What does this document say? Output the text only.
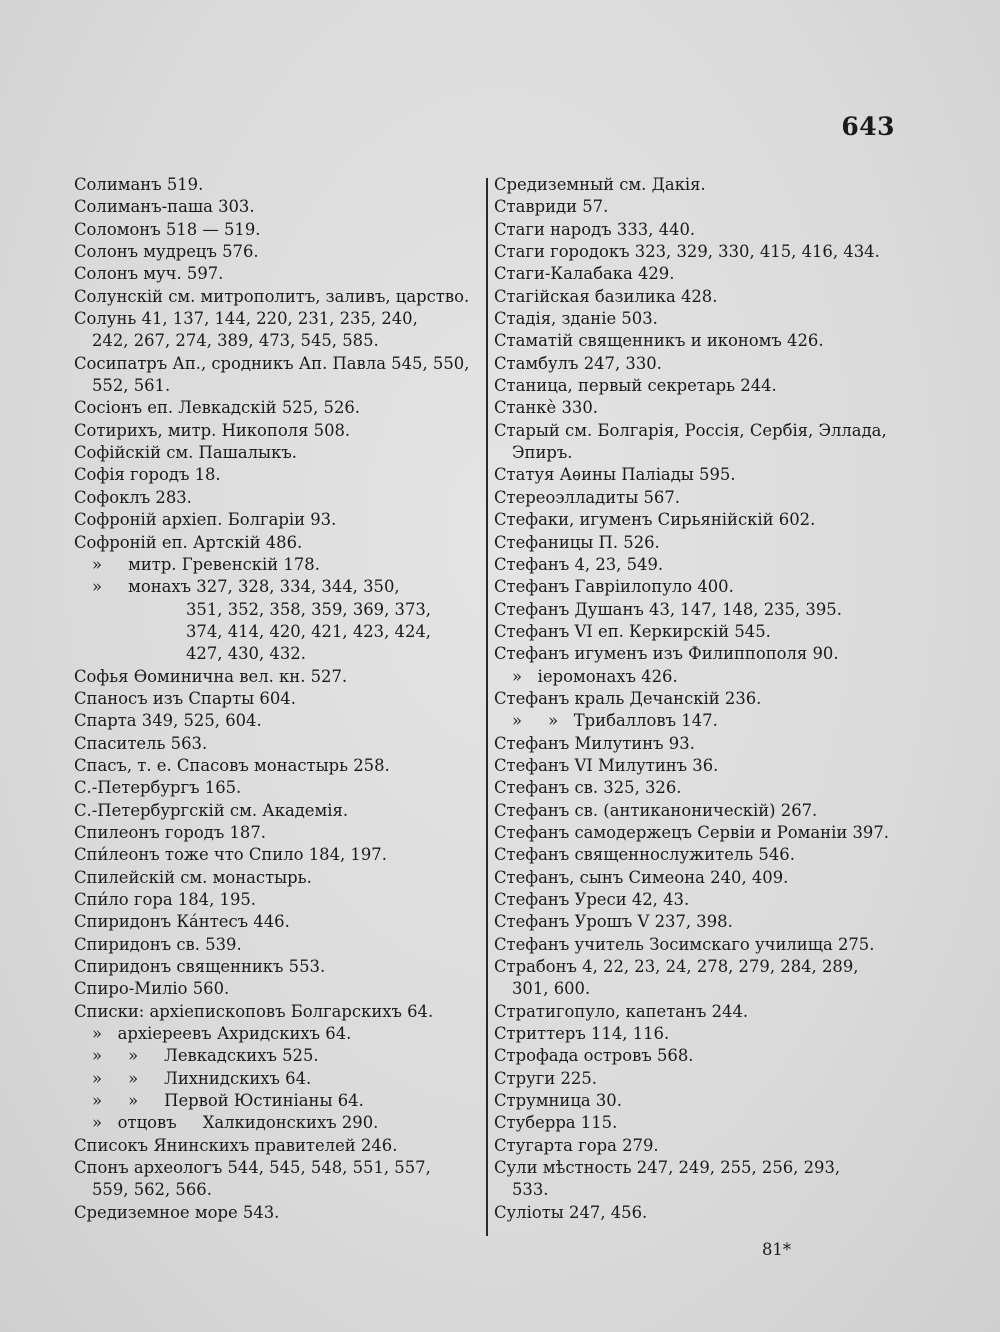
643
Солиманъ 519.
Солиманъ-паша 303.
Соломонъ 518 — 519.
Солонъ мудрецъ 576.
Солонъ муч. 597.
Солунскій см. митрополитъ, заливъ, царство.
Солунь 41, 137, 144, 220, 231, 235, 240,
242, 267, 274, 389, 473, 545, 585.
Сосипатръ Ап., сродникъ Ап. Павла 545, 550,
552, 561.
Сосіонъ еп. Левкадскій 525, 526.
Сотирихъ, митр. Никополя 508.
Софійскій см. Пашалыкъ.
Софія городъ 18.
Софоклъ 283.
Софроній архіеп. Болгаріи 93.
Софроній еп. Артскій 486.
»     митр. Гревенскій 178.
»     монахъ 327, 328, 334, 344, 350,
351, 352, 358, 359, 369, 373,
374, 414, 420, 421, 423, 424,
427, 430, 432.
Софья Ѳоминична вел. кн. 527.
Спаносъ изъ Спарты 604.
Спарта 349, 525, 604.
Спаситель 563.
Спасъ, т. е. Спасовъ монастырь 258.
С.-Петербургъ 165.
С.-Петербургскій см. Академія.
Спилеонъ городъ 187.
Спи́леонъ тоже что Спило 184, 197.
Спилейскій см. монастырь.
Спи́ло гора 184, 195.
Спиридонъ Ка́нтесъ 446.
Спиридонъ св. 539.
Спиридонъ священникъ 553.
Спиро-Миліо 560.
Списки: архіепископовъ Болгарскихъ 64.
»   архіереевъ Ахридскихъ 64.
»     »     Левкадскихъ 525.
»     »     Лихнидскихъ 64.
»     »     Первой Юстиніаны 64.
»   отцовъ     Халкидонскихъ 290.
Списокъ Янинскихъ правителей 246.
Спонъ археологъ 544, 545, 548, 551, 557,
559, 562, 566.
Средиземное море 543.
Средиземный см. Дакія.
Ставриди 57.
Стаги народъ 333, 440.
Стаги городокъ 323, 329, 330, 415, 416, 434.
Стаги-Калабака 429.
Стагійская базилика 428.
Стадія, зданіе 503.
Стаматій священникъ и икономъ 426.
Стамбулъ 247, 330.
Станица, первый секретарь 244.
Станкѐ 330.
Старый см. Болгарія, Россія, Сербія, Эллада,
Эпиръ.
Статуя Аѳины Паліады 595.
Стереоэлладиты 567.
Стефаки, игуменъ Сирьянійскій 602.
Стефаницы П. 526.
Стефанъ 4, 23, 549.
Стефанъ Гавріилопуло 400.
Стефанъ Душанъ 43, 147, 148, 235, 395.
Стефанъ VI еп. Керкирскій 545.
Стефанъ игуменъ изъ Филиппополя 90.
»   іеромонахъ 426.
Стефанъ краль Дечанскій 236.
»     »   Трибалловъ 147.
Стефанъ Милутинъ 93.
Стефанъ VI Милутинъ 36.
Стефанъ св. 325, 326.
Стефанъ св. (антиканоническій) 267.
Стефанъ самодержецъ Сервіи и Романіи 397.
Стефанъ священнослужитель 546.
Стефанъ, сынъ Симеона 240, 409.
Стефанъ Уреси 42, 43.
Стефанъ Урошъ V 237, 398.
Стефанъ учитель Зосимскаго училища 275.
Страбонъ 4, 22, 23, 24, 278, 279, 284, 289,
301, 600.
Стратигопуло, капетанъ 244.
Стриттеръ 114, 116.
Строфада островъ 568.
Струги 225.
Струмница 30.
Стуберра 115.
Стугарта гора 279.
Сули мѣстность 247, 249, 255, 256, 293,
533.
Суліоты 247, 456.
81*
